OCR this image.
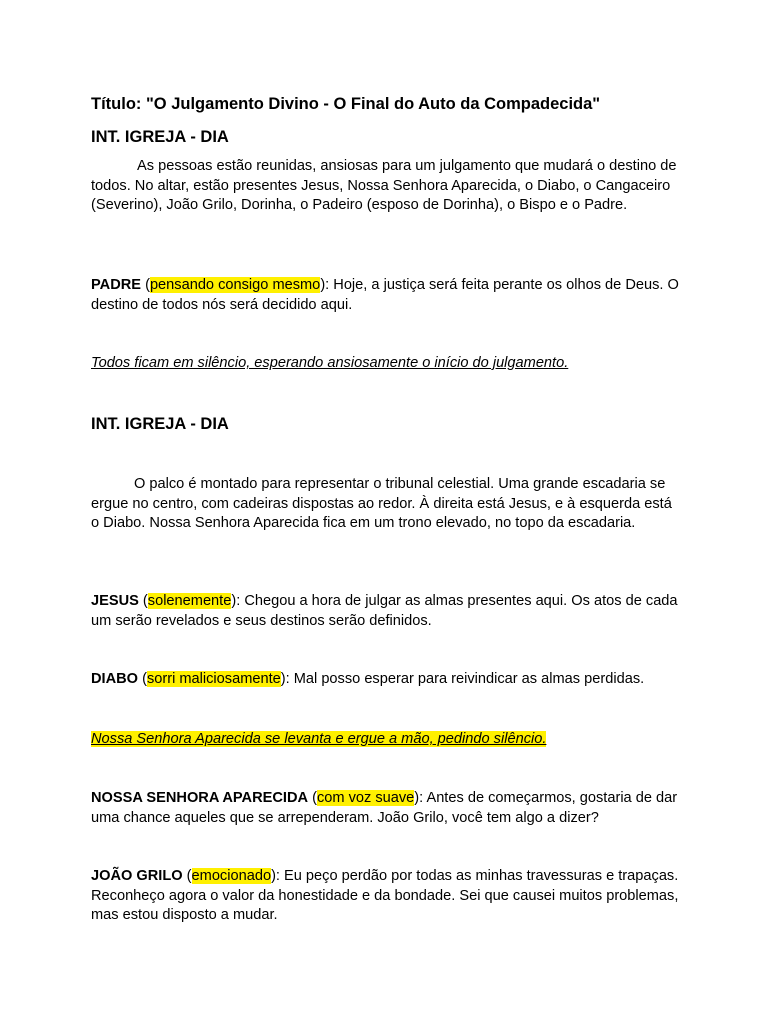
Título: "O Julgamento Divino - O Final do Auto da Compadecida"
INT. IGREJA - DIA
As pessoas estão reunidas, ansiosas para um julgamento que mudará o destino de todos. No altar, estão presentes Jesus, Nossa Senhora Aparecida, o Diabo, o Cangaceiro (Severino), João Grilo, Dorinha, o Padeiro (esposo de Dorinha), o Bispo e o Padre.
PADRE (pensando consigo mesmo): Hoje, a justiça será feita perante os olhos de Deus. O destino de todos nós será decidido aqui.
Todos ficam em silêncio, esperando ansiosamente o início do julgamento.
INT. IGREJA - DIA
O palco é montado para representar o tribunal celestial. Uma grande escadaria se ergue no centro, com cadeiras dispostas ao redor. À direita está Jesus, e à esquerda está o Diabo. Nossa Senhora Aparecida fica em um trono elevado, no topo da escadaria.
JESUS (solenemente): Chegou a hora de julgar as almas presentes aqui. Os atos de cada um serão revelados e seus destinos serão definidos.
DIABO (sorri maliciosamente): Mal posso esperar para reivindicar as almas perdidas.
Nossa Senhora Aparecida se levanta e ergue a mão, pedindo silêncio.
NOSSA SENHORA APARECIDA (com voz suave): Antes de começarmos, gostaria de dar uma chance aqueles que se arrependeram. João Grilo, você tem algo a dizer?
JOÃO GRILO (emocionado): Eu peço perdão por todas as minhas travessuras e trapaças. Reconheço agora o valor da honestidade e da bondade. Sei que causei muitos problemas, mas estou disposto a mudar.
